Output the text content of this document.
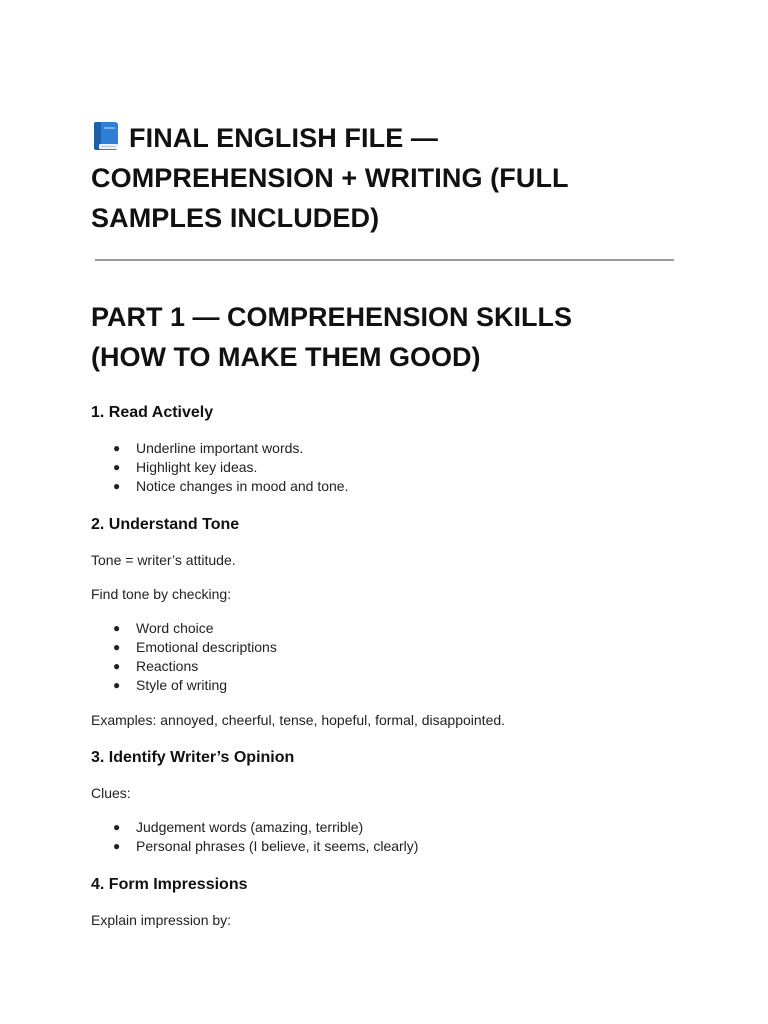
FINAL ENGLISH FILE —
COMPREHENSION + WRITING (FULL
SAMPLES INCLUDED)
PART 1 — COMPREHENSION SKILLS
(HOW TO MAKE THEM GOOD)
1. Read Actively
● Underline important words.
● Highlight key ideas.
● Notice changes in mood and tone.
2. Understand Tone

Tone = writer’s attitude.

Find tone by checking:

● Word choice
● Emotional descriptions
● Reactions
● Style of writing

Examples: annoyed, cheerful, tense, hopeful, formal, disappointed.

3. Identify Writer’s Opinion

Clues:

● Judgement words (amazing, terrible)
● Personal phrases (I believe, it seems, clearly)
4. Form Impressions

Explain impression by:
